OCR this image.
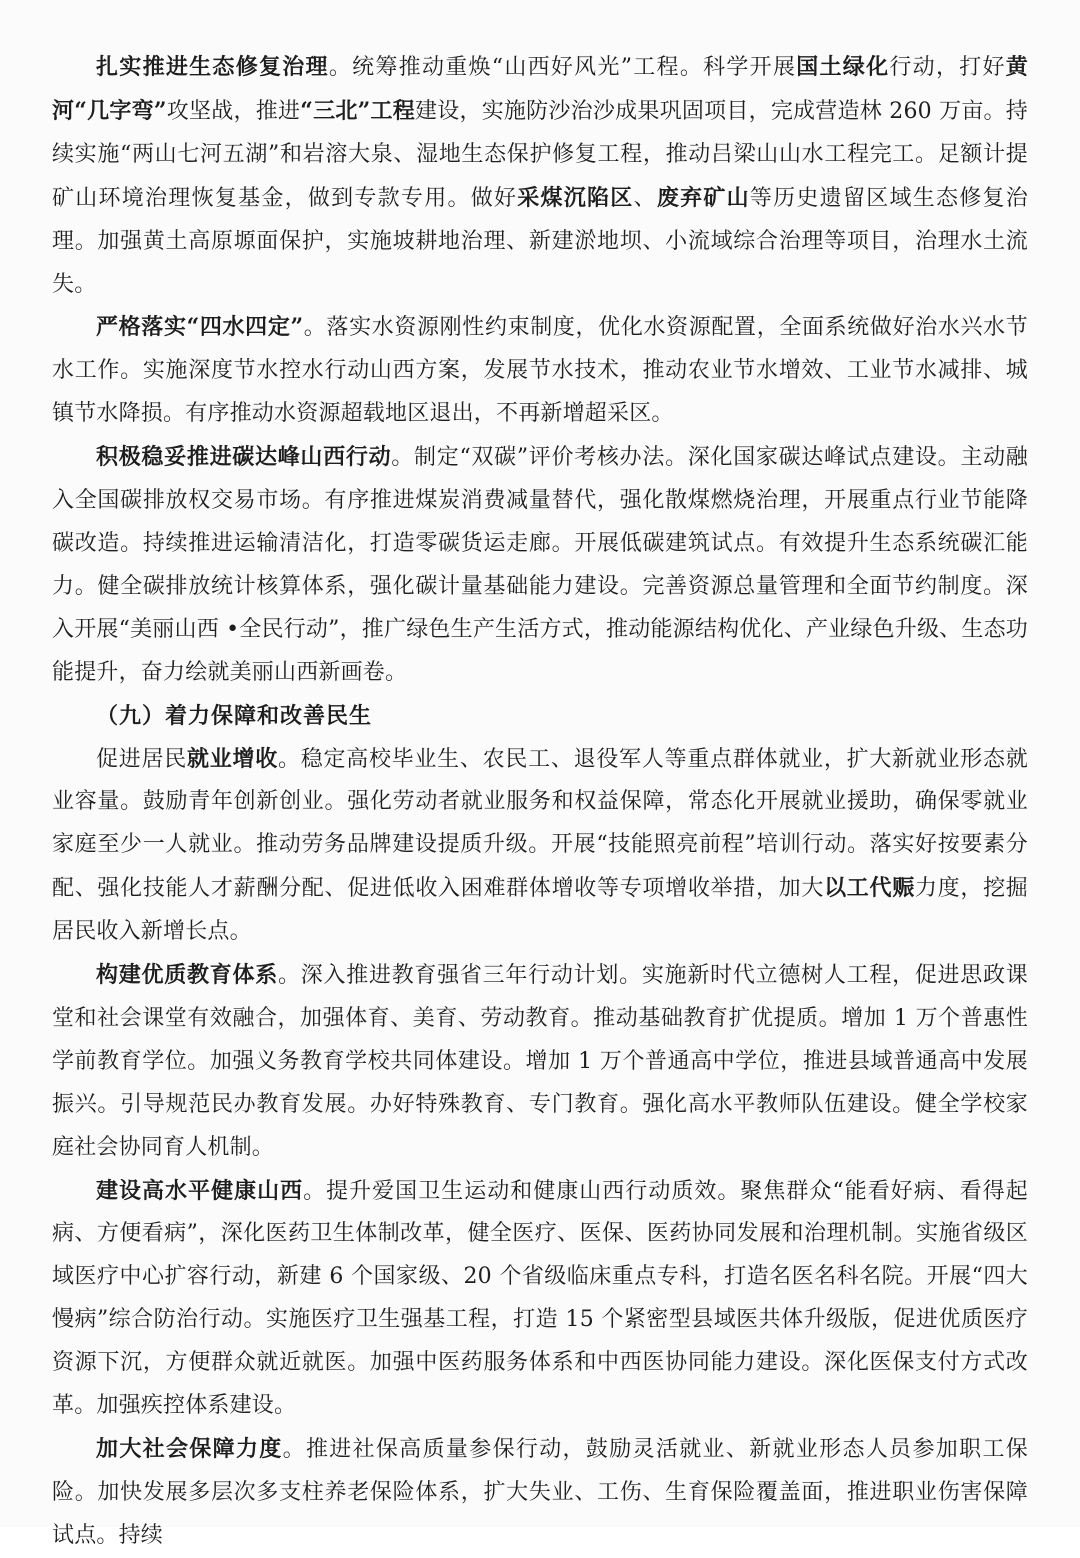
扎实推进生态修复治理。统筹推动重焕“山西好风光”工程。科学开展国土绿化行动，打好黄河“几字弯”攻坚战，推进“三北”工程建设，实施防沙治沙成果巩固项目，完成营造林 260 万亩。持续实施“两山七河五湖”和岩溶大泉、湿地生态保护修复工程，推动吕梁山山水工程完工。足额计提矿山环境治理恢复基金，做到专款专用。做好采煤沉陷区、废弃矿山等历史遗留区域生态修复治理。加强黄土高原塬面保护，实施坡耕地治理、新建淤地坝、小流域综合治理等项目，治理水土流失。

严格落实“四水四定”。落实水资源刚性约束制度，优化水资源配置，全面系统做好治水兴水节水工作。实施深度节水控水行动山西方案，发展节水技术，推动农业节水增效、工业节水减排、城镇节水降损。有序推动水资源超载地区退出，不再新增超采区。

积极稳妥推进碳达峰山西行动。制定“双碳”评价考核办法。深化国家碳达峰试点建设。主动融入全国碳排放权交易市场。有序推进煤炭消费减量替代，强化散煤燃烧治理，开展重点行业节能降碳改造。持续推进运输清洁化，打造零碳货运走廊。开展低碳建筑试点。有效提升生态系统碳汇能力。健全碳排放统计核算体系，强化碳计量基础能力建设。完善资源总量管理和全面节约制度。深入开展“美丽山西 •全民行动”，推广绿色生产生活方式，推动能源结构优化、产业绿色升级、生态功能提升，奋力绘就美丽山西新画卷。

（九）着力保障和改善民生

促进居民就业增收。稳定高校毕业生、农民工、退役军人等重点群体就业，扩大新就业形态就业容量。鼓励青年创新创业。强化劳动者就业服务和权益保障，常态化开展就业援助，确保零就业家庭至少一人就业。推动劳务品牌建设提质升级。开展“技能照亮前程”培训行动。落实好按要素分配、强化技能人才薪酬分配、促进低收入困难群体增收等专项增收举措，加大以工代赈力度，挖掘居民收入新增长点。

构建优质教育体系。深入推进教育强省三年行动计划。实施新时代立德树人工程，促进思政课堂和社会课堂有效融合，加强体育、美育、劳动教育。推动基础教育扩优提质。增加 1 万个普惠性学前教育学位。加强义务教育学校共同体建设。增加 1 万个普通高中学位，推进县域普通高中发展振兴。引导规范民办教育发展。办好特殊教育、专门教育。强化高水平教师队伍建设。健全学校家庭社会协同育人机制。

建设高水平健康山西。提升爱国卫生运动和健康山西行动质效。聚焦群众“能看好病、看得起病、方便看病”，深化医药卫生体制改革，健全医疗、医保、医药协同发展和治理机制。实施省级区域医疗中心扩容行动，新建 6 个国家级、20 个省级临床重点专科，打造名医名科名院。开展“四大慢病”综合防治行动。实施医疗卫生强基工程，打造 15 个紧密型县域医共体升级版，促进优质医疗资源下沉，方便群众就近就医。加强中医药服务体系和中西医协同能力建设。深化医保支付方式改革。加强疾控体系建设。

加大社会保障力度。推进社保高质量参保行动，鼓励灵活就业、新就业形态人员参加职工保险。加快发展多层次多支柱养老保险体系，扩大失业、工伤、生育保险覆盖面，推进职业伤害保障试点。持续
